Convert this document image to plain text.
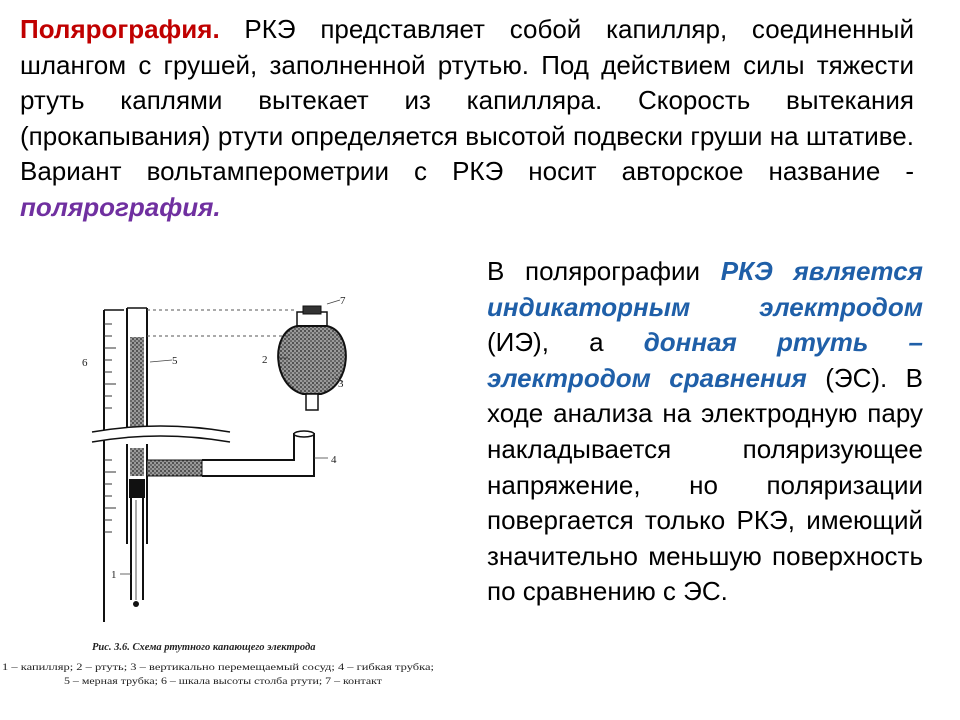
Полярография. РКЭ представляет собой капилляр, соединенный шлангом с грушей, заполненной ртутью. Под действием силы тяжести ртуть каплями вытекает из капилляра. Скорость вытекания (прокапывания) ртути определяется высотой подвески груши на штативе. Вариант вольтамперометрии с РКЭ носит авторское название - полярография.

В полярографии РКЭ является индикаторным электродом (ИЭ), а донная ртуть – электродом сравнения (ЭС). В ходе анализа на электродную пару накладывается поляризующее напряжение, но поляризации повергается только РКЭ, имеющий значительно меньшую поверхность по сравнению с ЭС.

1
2
3
4
5
6
7
Рис. 3.6. Схема ртутного капающего электрода
1 – капилляр; 2 – ртуть; 3 – вертикально перемещаемый сосуд; 4 – гибкая трубка;
5 – мерная трубка; 6 – шкала высоты столба ртути; 7 – контакт
